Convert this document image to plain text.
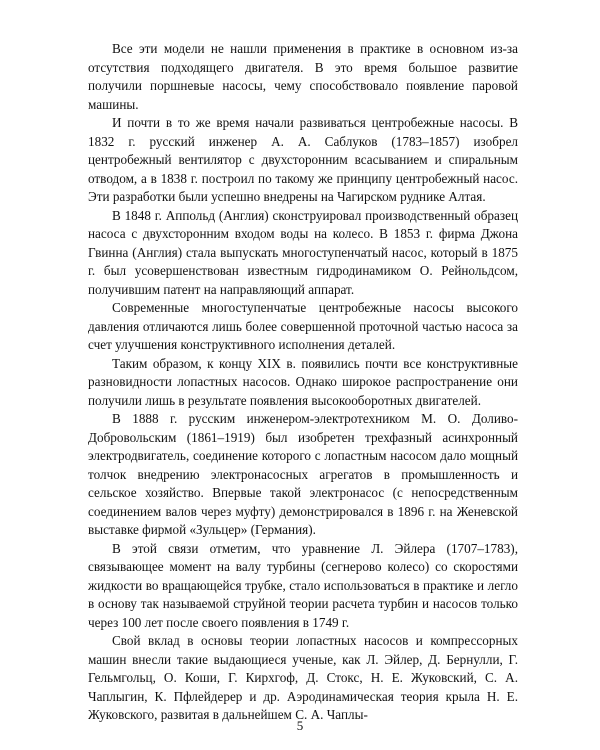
Все эти модели не нашли применения в практике в основном из-за отсутствия подходящего двигателя. В это время большое развитие получили поршневые насосы, чему способствовало появление паровой машины.

И почти в то же время начали развиваться центробежные насосы. В 1832 г. русский инженер А. А. Саблуков (1783–1857) изобрел центробежный вентилятор с двухсторонним всасыванием и спиральным отводом, а в 1838 г. построил по такому же принципу центробежный насос. Эти разработки были успешно внедрены на Чагирском руднике Алтая.

В 1848 г. Аппольд (Англия) сконструировал производственный образец насоса с двухсторонним входом воды на колесо. В 1853 г. фирма Джона Гвинна (Англия) стала выпускать многоступенчатый насос, который в 1875 г. был усовершенствован известным гидродинамиком О. Рейнольдсом, получившим патент на направляющий аппарат.

Современные многоступенчатые центробежные насосы высокого давления отличаются лишь более совершенной проточной частью насоса за счет улучшения конструктивного исполнения деталей.

Таким образом, к концу XIX в. появились почти все конструктивные разновидности лопастных насосов. Однако широкое распространение они получили лишь в результате появления высокооборотных двигателей.

В 1888 г. русским инженером-электротехником М. О. Доливо-Добровольским (1861–1919) был изобретен трехфазный асинхронный электродвигатель, соединение которого с лопастным насосом дало мощный толчок внедрению электронасосных агрегатов в промышленность и сельское хозяйство. Впервые такой электронасос (с непосредственным соединением валов через муфту) демонстрировался в 1896 г. на Женевской выставке фирмой «Зульцер» (Германия).

В этой связи отметим, что уравнение Л. Эйлера (1707–1783), связывающее момент на валу турбины (сегнерово колесо) со скоростями жидкости во вращающейся трубке, стало использоваться в практике и легло в основу так называемой струйной теории расчета турбин и насосов только через 100 лет после своего появления в 1749 г.

Свой вклад в основы теории лопастных насосов и компрессорных машин внесли такие выдающиеся ученые, как Л. Эйлер, Д. Бернулли, Г. Гельмгольц, О. Коши, Г. Кирхгоф, Д. Стокс, Н. Е. Жуковский, С. А. Чаплыгин, К. Пфлейдерер и др. Аэродинамическая теория крыла Н. Е. Жуковского, развитая в дальнейшем С. А. Чаплы-

5
